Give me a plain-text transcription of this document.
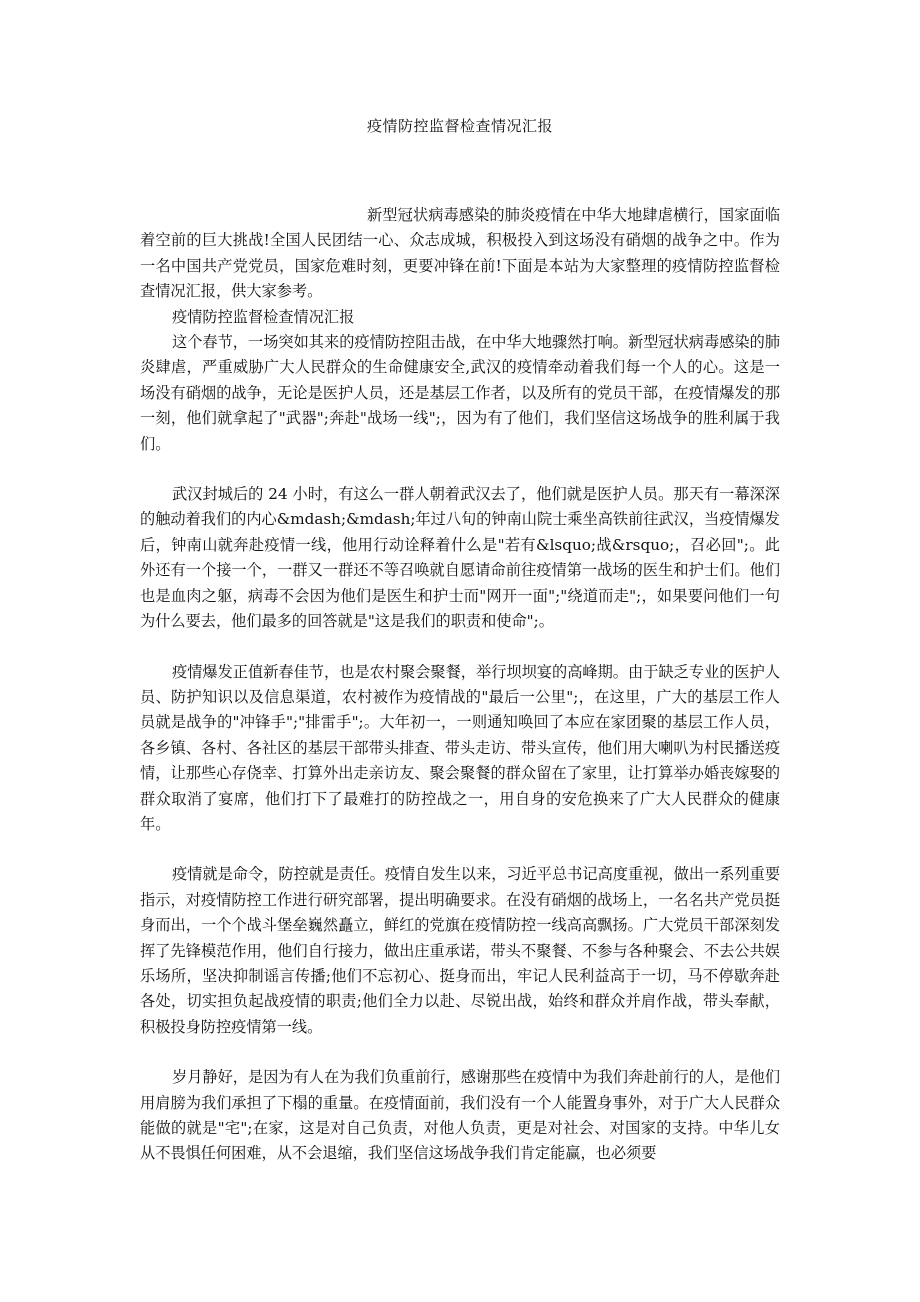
疫情防控监督检查情况汇报

新型冠状病毒感染的肺炎疫情在中华大地肆虐横行，国家面临着空前的巨大挑战!全国人民团结一心、众志成城，积极投入到这场没有硝烟的战争之中。作为一名中国共产党党员，国家危难时刻，更要冲锋在前!下面是本站为大家整理的疫情防控监督检查情况汇报，供大家参考。

疫情防控监督检查情况汇报

这个春节，一场突如其来的疫情防控阻击战，在中华大地骤然打响。新型冠状病毒感染的肺炎肆虐，严重威胁广大人民群众的生命健康安全,武汉的疫情牵动着我们每一个人的心。这是一场没有硝烟的战争，无论是医护人员，还是基层工作者，以及所有的党员干部，在疫情爆发的那一刻，他们就拿起了"武器";奔赴"战场一线";，因为有了他们，我们坚信这场战争的胜利属于我们。

武汉封城后的 24 小时，有这么一群人朝着武汉去了，他们就是医护人员。那天有一幕深深的触动着我们的内心&mdash;&mdash;年过八旬的钟南山院士乘坐高铁前往武汉，当疫情爆发后，钟南山就奔赴疫情一线，他用行动诠释着什么是"若有&lsquo;战&rsquo;，召必回";。此外还有一个接一个，一群又一群还不等召唤就自愿请命前往疫情第一战场的医生和护士们。他们也是血肉之躯，病毒不会因为他们是医生和护士而"网开一面";"绕道而走";，如果要问他们一句为什么要去，他们最多的回答就是"这是我们的职责和使命";。

疫情爆发正值新春佳节，也是农村聚会聚餐，举行坝坝宴的高峰期。由于缺乏专业的医护人员、防护知识以及信息渠道，农村被作为疫情战的"最后一公里";，在这里，广大的基层工作人员就是战争的"冲锋手";"排雷手";。大年初一，一则通知唤回了本应在家团聚的基层工作人员，各乡镇、各村、各社区的基层干部带头排查、带头走访、带头宣传，他们用大喇叭为村民播送疫情，让那些心存侥幸、打算外出走亲访友、聚会聚餐的群众留在了家里，让打算举办婚丧嫁娶的群众取消了宴席，他们打下了最难打的防控战之一，用自身的安危换来了广大人民群众的健康年。

疫情就是命令，防控就是责任。疫情自发生以来，习近平总书记高度重视，做出一系列重要指示，对疫情防控工作进行研究部署，提出明确要求。在没有硝烟的战场上，一名名共产党员挺身而出，一个个战斗堡垒巍然矗立，鲜红的党旗在疫情防控一线高高飘扬。广大党员干部深刻发挥了先锋模范作用，他们自行接力，做出庄重承诺，带头不聚餐、不参与各种聚会、不去公共娱乐场所，坚决抑制谣言传播;他们不忘初心、挺身而出，牢记人民利益高于一切，马不停歇奔赴各处，切实担负起战疫情的职责;他们全力以赴、尽锐出战，始终和群众并肩作战，带头奉献，积极投身防控疫情第一线。

岁月静好，是因为有人在为我们负重前行，感谢那些在疫情中为我们奔赴前行的人，是他们用肩膀为我们承担了下榻的重量。在疫情面前，我们没有一个人能置身事外，对于广大人民群众能做的就是"宅";在家，这是对自己负责，对他人负责，更是对社会、对国家的支持。中华儿女从不畏惧任何困难，从不会退缩，我们坚信这场战争我们肯定能赢，也必须要
